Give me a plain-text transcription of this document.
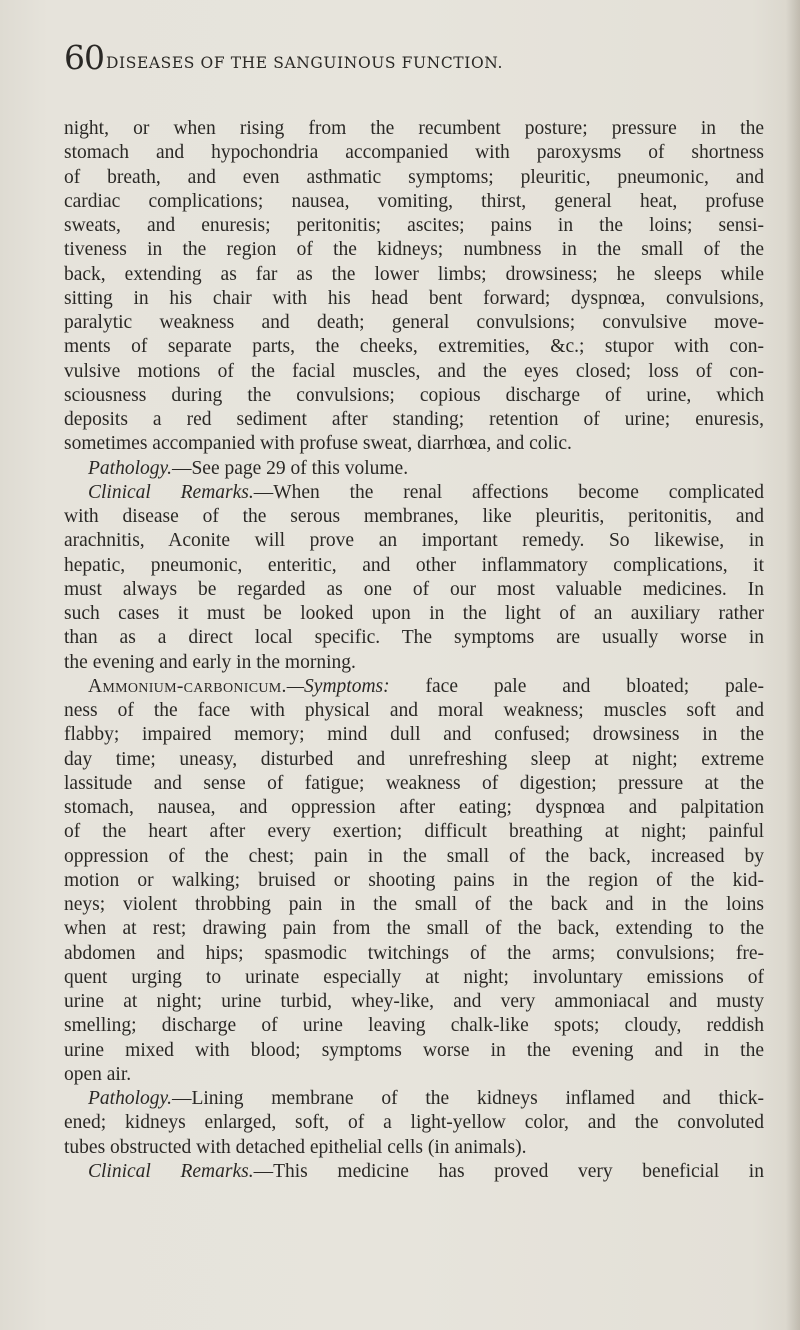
60 DISEASES OF THE SANGUINOUS FUNCTION.
night, or when rising from the recumbent posture; pressure in the
stomach and hypochondria accompanied with paroxysms of shortness
of breath, and even asthmatic symptoms; pleuritic, pneumonic, and
cardiac complications; nausea, vomiting, thirst, general heat, profuse
sweats, and enuresis; peritonitis; ascites; pains in the loins; sensi-
tiveness in the region of the kidneys; numbness in the small of the
back, extending as far as the lower limbs; drowsiness; he sleeps while
sitting in his chair with his head bent forward; dyspnœa, convulsions,
paralytic weakness and death; general convulsions; convulsive move-
ments of separate parts, the cheeks, extremities, &c.; stupor with con-
vulsive motions of the facial muscles, and the eyes closed; loss of con-
sciousness during the convulsions; copious discharge of urine, which
deposits a red sediment after standing; retention of urine; enuresis,
sometimes accompanied with profuse sweat, diarrhœa, and colic.
Pathology.—See page 29 of this volume.
Clinical Remarks.—When the renal affections become complicated
with disease of the serous membranes, like pleuritis, peritonitis, and
arachnitis, Aconite will prove an important remedy. So likewise, in
hepatic, pneumonic, enteritic, and other inflammatory complications, it
must always be regarded as one of our most valuable medicines. In
such cases it must be looked upon in the light of an auxiliary rather
than as a direct local specific. The symptoms are usually worse in
the evening and early in the morning.
Ammonium-carbonicum.—Symptoms: face pale and bloated; pale-
ness of the face with physical and moral weakness; muscles soft and
flabby; impaired memory; mind dull and confused; drowsiness in the
day time; uneasy, disturbed and unrefreshing sleep at night; extreme
lassitude and sense of fatigue; weakness of digestion; pressure at the
stomach, nausea, and oppression after eating; dyspnœa and palpitation
of the heart after every exertion; difficult breathing at night; painful
oppression of the chest; pain in the small of the back, increased by
motion or walking; bruised or shooting pains in the region of the kid-
neys; violent throbbing pain in the small of the back and in the loins
when at rest; drawing pain from the small of the back, extending to the
abdomen and hips; spasmodic twitchings of the arms; convulsions; fre-
quent urging to urinate especially at night; involuntary emissions of
urine at night; urine turbid, whey-like, and very ammoniacal and musty
smelling; discharge of urine leaving chalk-like spots; cloudy, reddish
urine mixed with blood; symptoms worse in the evening and in the
open air.
Pathology.—Lining membrane of the kidneys inflamed and thick-
ened; kidneys enlarged, soft, of a light-yellow color, and the convoluted
tubes obstructed with detached epithelial cells (in animals).
Clinical Remarks.—This medicine has proved very beneficial in
